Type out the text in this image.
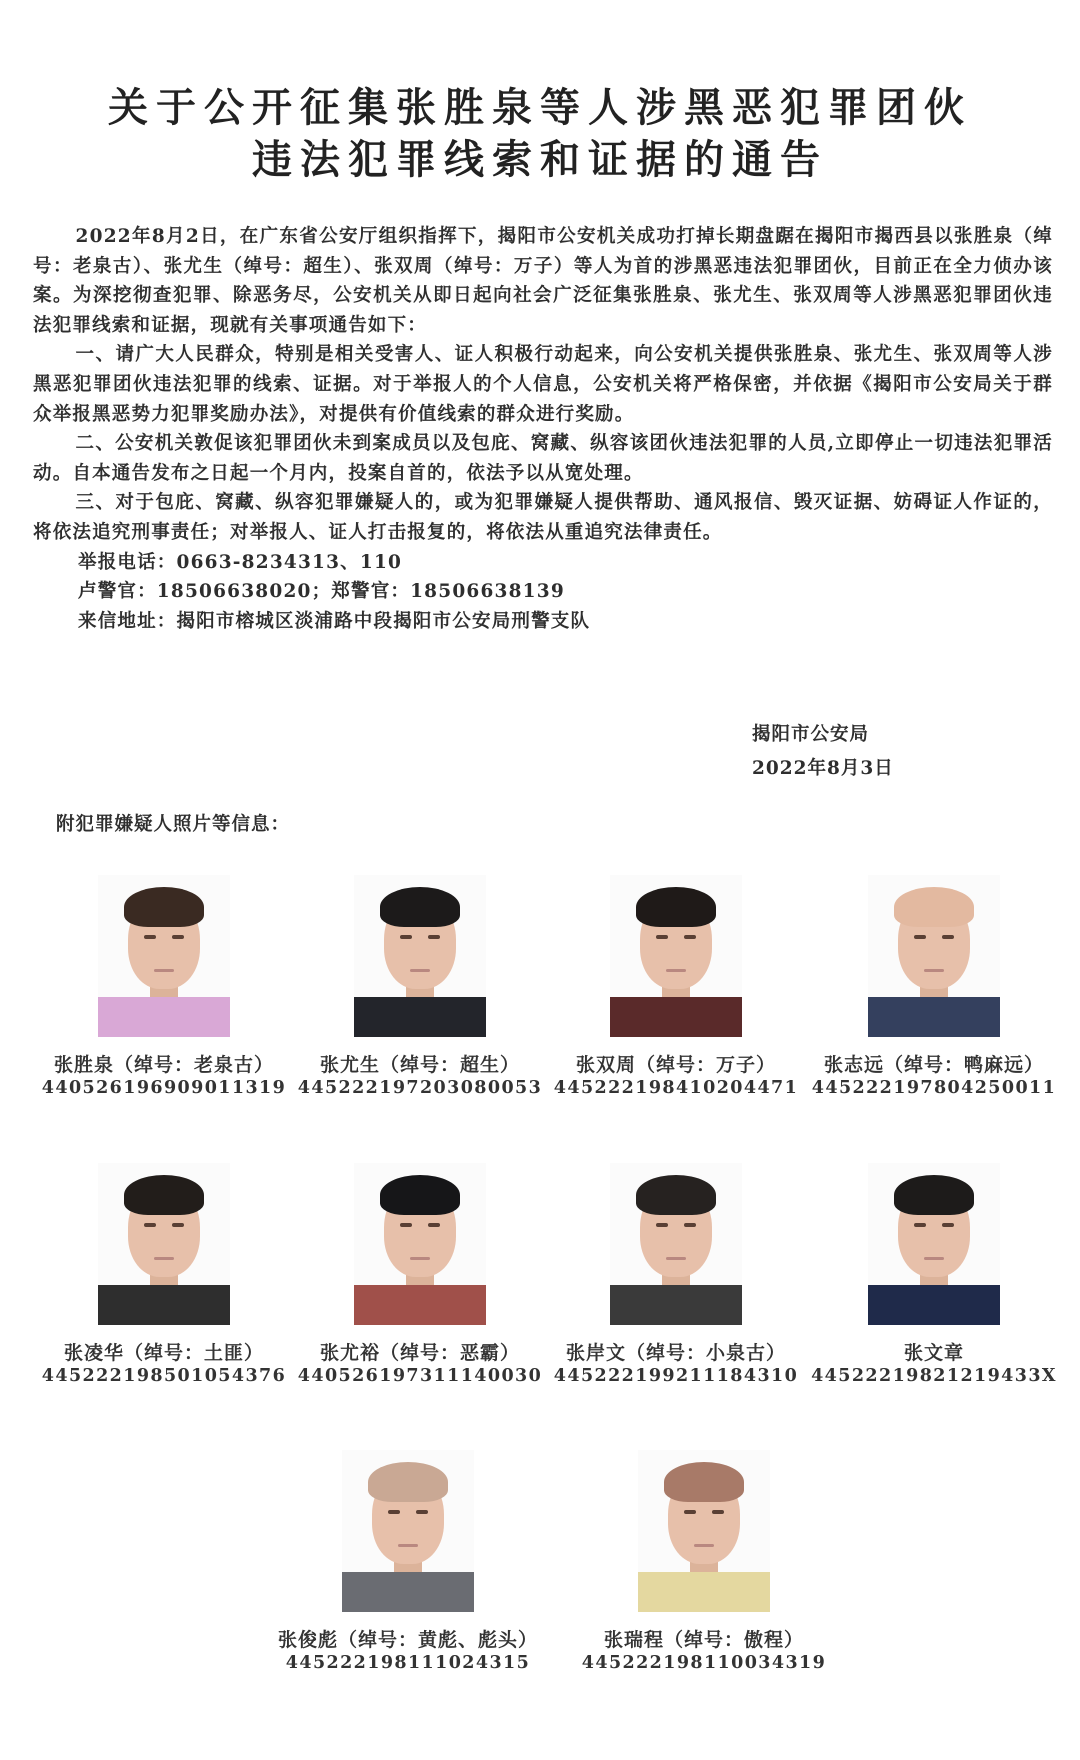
关于公开征集张胜泉等人涉黑恶犯罪团伙
违法犯罪线索和证据的通告

2022年8月2日，在广东省公安厅组织指挥下，揭阳市公安机关成功打掉长期盘踞在揭阳市揭西县以张胜泉（绰号：老泉古）、张尤生（绰号：超生）、张双周（绰号：万子）等人为首的涉黑恶违法犯罪团伙，目前正在全力侦办该案。为深挖彻查犯罪、除恶务尽，公安机关从即日起向社会广泛征集张胜泉、张尤生、张双周等人涉黑恶犯罪团伙违法犯罪线索和证据，现就有关事项通告如下：

一、请广大人民群众，特别是相关受害人、证人积极行动起来，向公安机关提供张胜泉、张尤生、张双周等人涉黑恶犯罪团伙违法犯罪的线索、证据。对于举报人的个人信息，公安机关将严格保密，并依据《揭阳市公安局关于群众举报黑恶势力犯罪奖励办法》，对提供有价值线索的群众进行奖励。

二、公安机关敦促该犯罪团伙未到案成员以及包庇、窝藏、纵容该团伙违法犯罪的人员,立即停止一切违法犯罪活动。自本通告发布之日起一个月内，投案自首的，依法予以从宽处理。

三、对于包庇、窝藏、纵容犯罪嫌疑人的，或为犯罪嫌疑人提供帮助、通风报信、毁灭证据、妨碍证人作证的，将依法追究刑事责任；对举报人、证人打击报复的，将依法从重追究法律责任。

举报电话：0663-8234313、110
卢警官：18506638020；郑警官：18506638139
来信地址：揭阳市榕城区淡浦路中段揭阳市公安局刑警支队
揭阳市公安局
2022年8月3日
附犯罪嫌疑人照片等信息：
张胜泉（绰号：老泉古）
440526196909011319
张尤生（绰号：超生）
445222197203080053
张双周（绰号：万子）
445222198410204471
张志远（绰号：鸭麻远）
445222197804250011
张凌华（绰号：土匪）
445222198501054376
张尤裕（绰号：恶霸）
440526197311140030
张岸文（绰号：小泉古）
445222199211184310
张文章
44522219821219433X
张俊彪（绰号：黄彪、彪头）
445222198111024315
张瑞程（绰号：傲程）
445222198110034319
